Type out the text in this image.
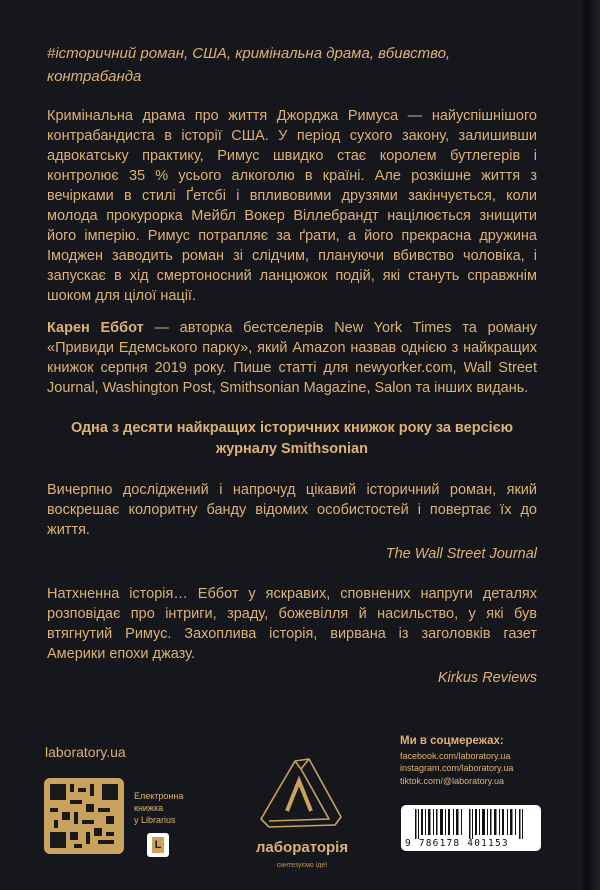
#історичний роман, США, кримінальна драма, вбивство, контрабанда

Кримінальна драма про життя Джорджа Римуса — найуспішнішого контрабандиста в історії США. У період сухого закону, залишивши адвокатську практику, Римус швидко стає королем бутлегерів і контролює 35 % усього алкоголю в країні. Але розкішне життя з вечірками в стилі Ґетсбі і впливовими друзями закінчується, коли молода прокурорка Мейбл Вокер Віллебрандт націлюється знищити його імперію. Римус потрапляє за ґрати, а його прекрасна дружина Імоджен заводить роман зі слідчим, плануючи вбивство чоловіка, і запускає в хід смертоносний ланцюжок подій, які стануть справжнім шоком для цілої нації.

Карен Еббот — авторка бестселерів New York Times та роману «Привиди Едемського парку», який Amazon назвав однією з найкращих книжок серпня 2019 року. Пише статті для newyorker.com, Wall Street Journal, Washington Post, Smithsonian Magazine, Salon та інших видань.

Одна з десяти найкращих історичних книжок року за версією журналу Smithsonian

Вичерпно досліджений і напрочуд цікавий історичний роман, який воскрешає колоритну банду відомих особистостей і повертає їх до життя.

The Wall Street Journal

Натхненна історія… Еббот у яскравих, сповнених напруги деталях розповідає про інтриги, зраду, божевілля й насильство, у які був втягнутий Римус. Захоплива історія, вирвана із заголовків газет Америки епохи джазу.

Kirkus Reviews
laboratory.ua
Електронна
книжка
у Librarius
L	лабораторія
синтезуємо ідеї
Ми в соцмережах:
facebook.com/laboratory.ua
instagram.com/laboratory.ua
tiktok.com/@laboratory.ua
9 786178 401153
